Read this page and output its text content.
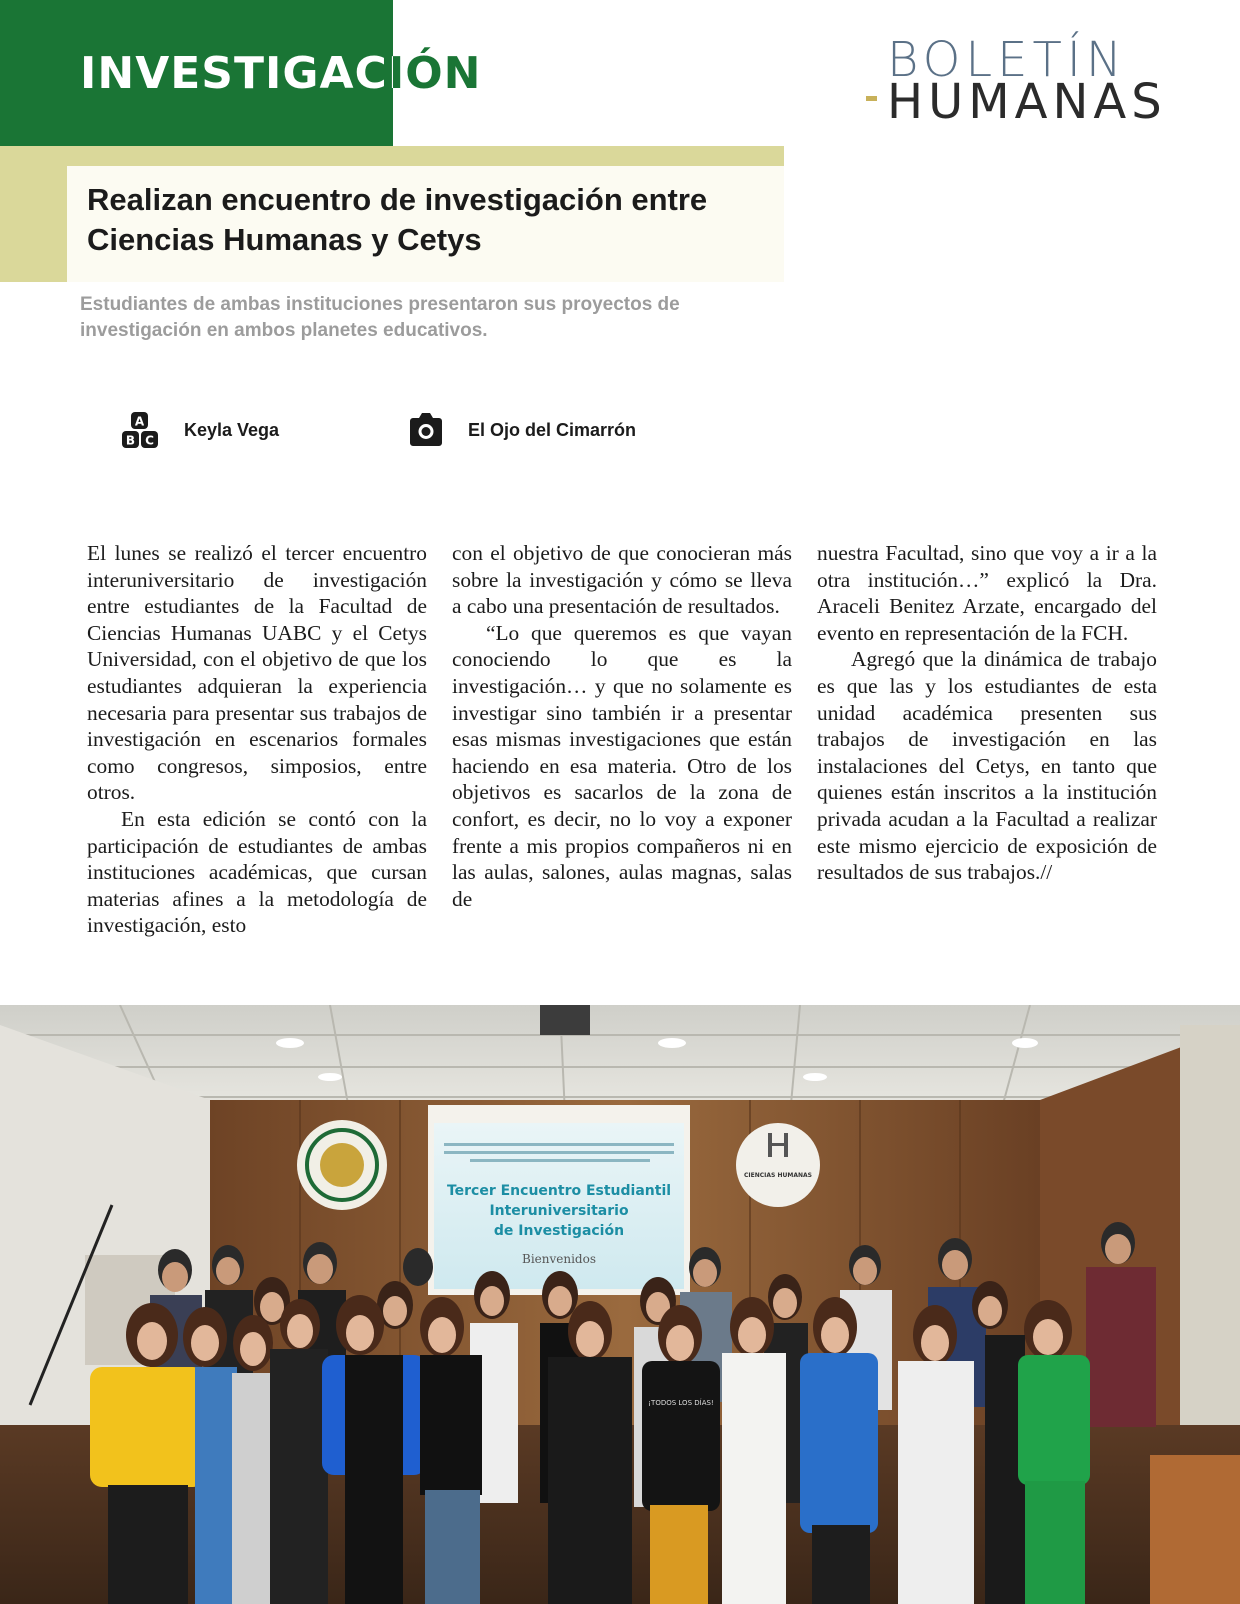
INVESTIGACIÓN	BOLETÍN
HUMANAS
Realizan encuentro de investigación entre Ciencias Humanas y Cetys

Estudiantes de ambas instituciones presentaron sus proyectos de investigación en ambos planetes educativos.

A
B C
Keyla Vega	El Ojo del Cimarrón

El lunes se realizó el tercer encuentro interuniversitario de investigación entre estudiantes de la Facultad de Ciencias Humanas UABC y el Cetys Universidad, con el objetivo de que los estudiantes adquieran la experiencia necesaria para presentar sus trabajos de investigación en escenarios formales como congresos, simposios, entre otros.

En esta edición se contó con la participación de estudiantes de ambas instituciones académicas, que cursan materias afines a la metodología de investigación, esto

con el objetivo de que conocieran más sobre la investigación y cómo se lleva a cabo una presentación de resultados.

“Lo que queremos es que vayan conociendo lo que es la investigación… y que no solamente es investigar sino también ir a presentar esas mismas investigaciones que están haciendo en esa materia. Otro de los objetivos es sacarlos de la zona de confort, es decir, no lo voy a exponer frente a mis propios compañeros ni en las aulas, salones, aulas magnas, salas de

nuestra Facultad, sino que voy a ir a la otra institución…” explicó la Dra. Araceli Benitez Arzate, encargado del evento en representación de la FCH.

Agregó que la dinámica de trabajo es que las y los estudiantes de esta unidad académica presenten sus trabajos de investigación en las instalaciones del Cetys, en tanto que quienes están inscritos a la institución privada acudan a la Facultad a realizar este mismo ejercicio de exposición de resultados de sus trabajos.//

CIENCIAS HUMANAS
Tercer Encuentro Estudiantil
Interuniversitario
de Investigación
Bienvenidos
¡TODOS LOS DÍAS!
